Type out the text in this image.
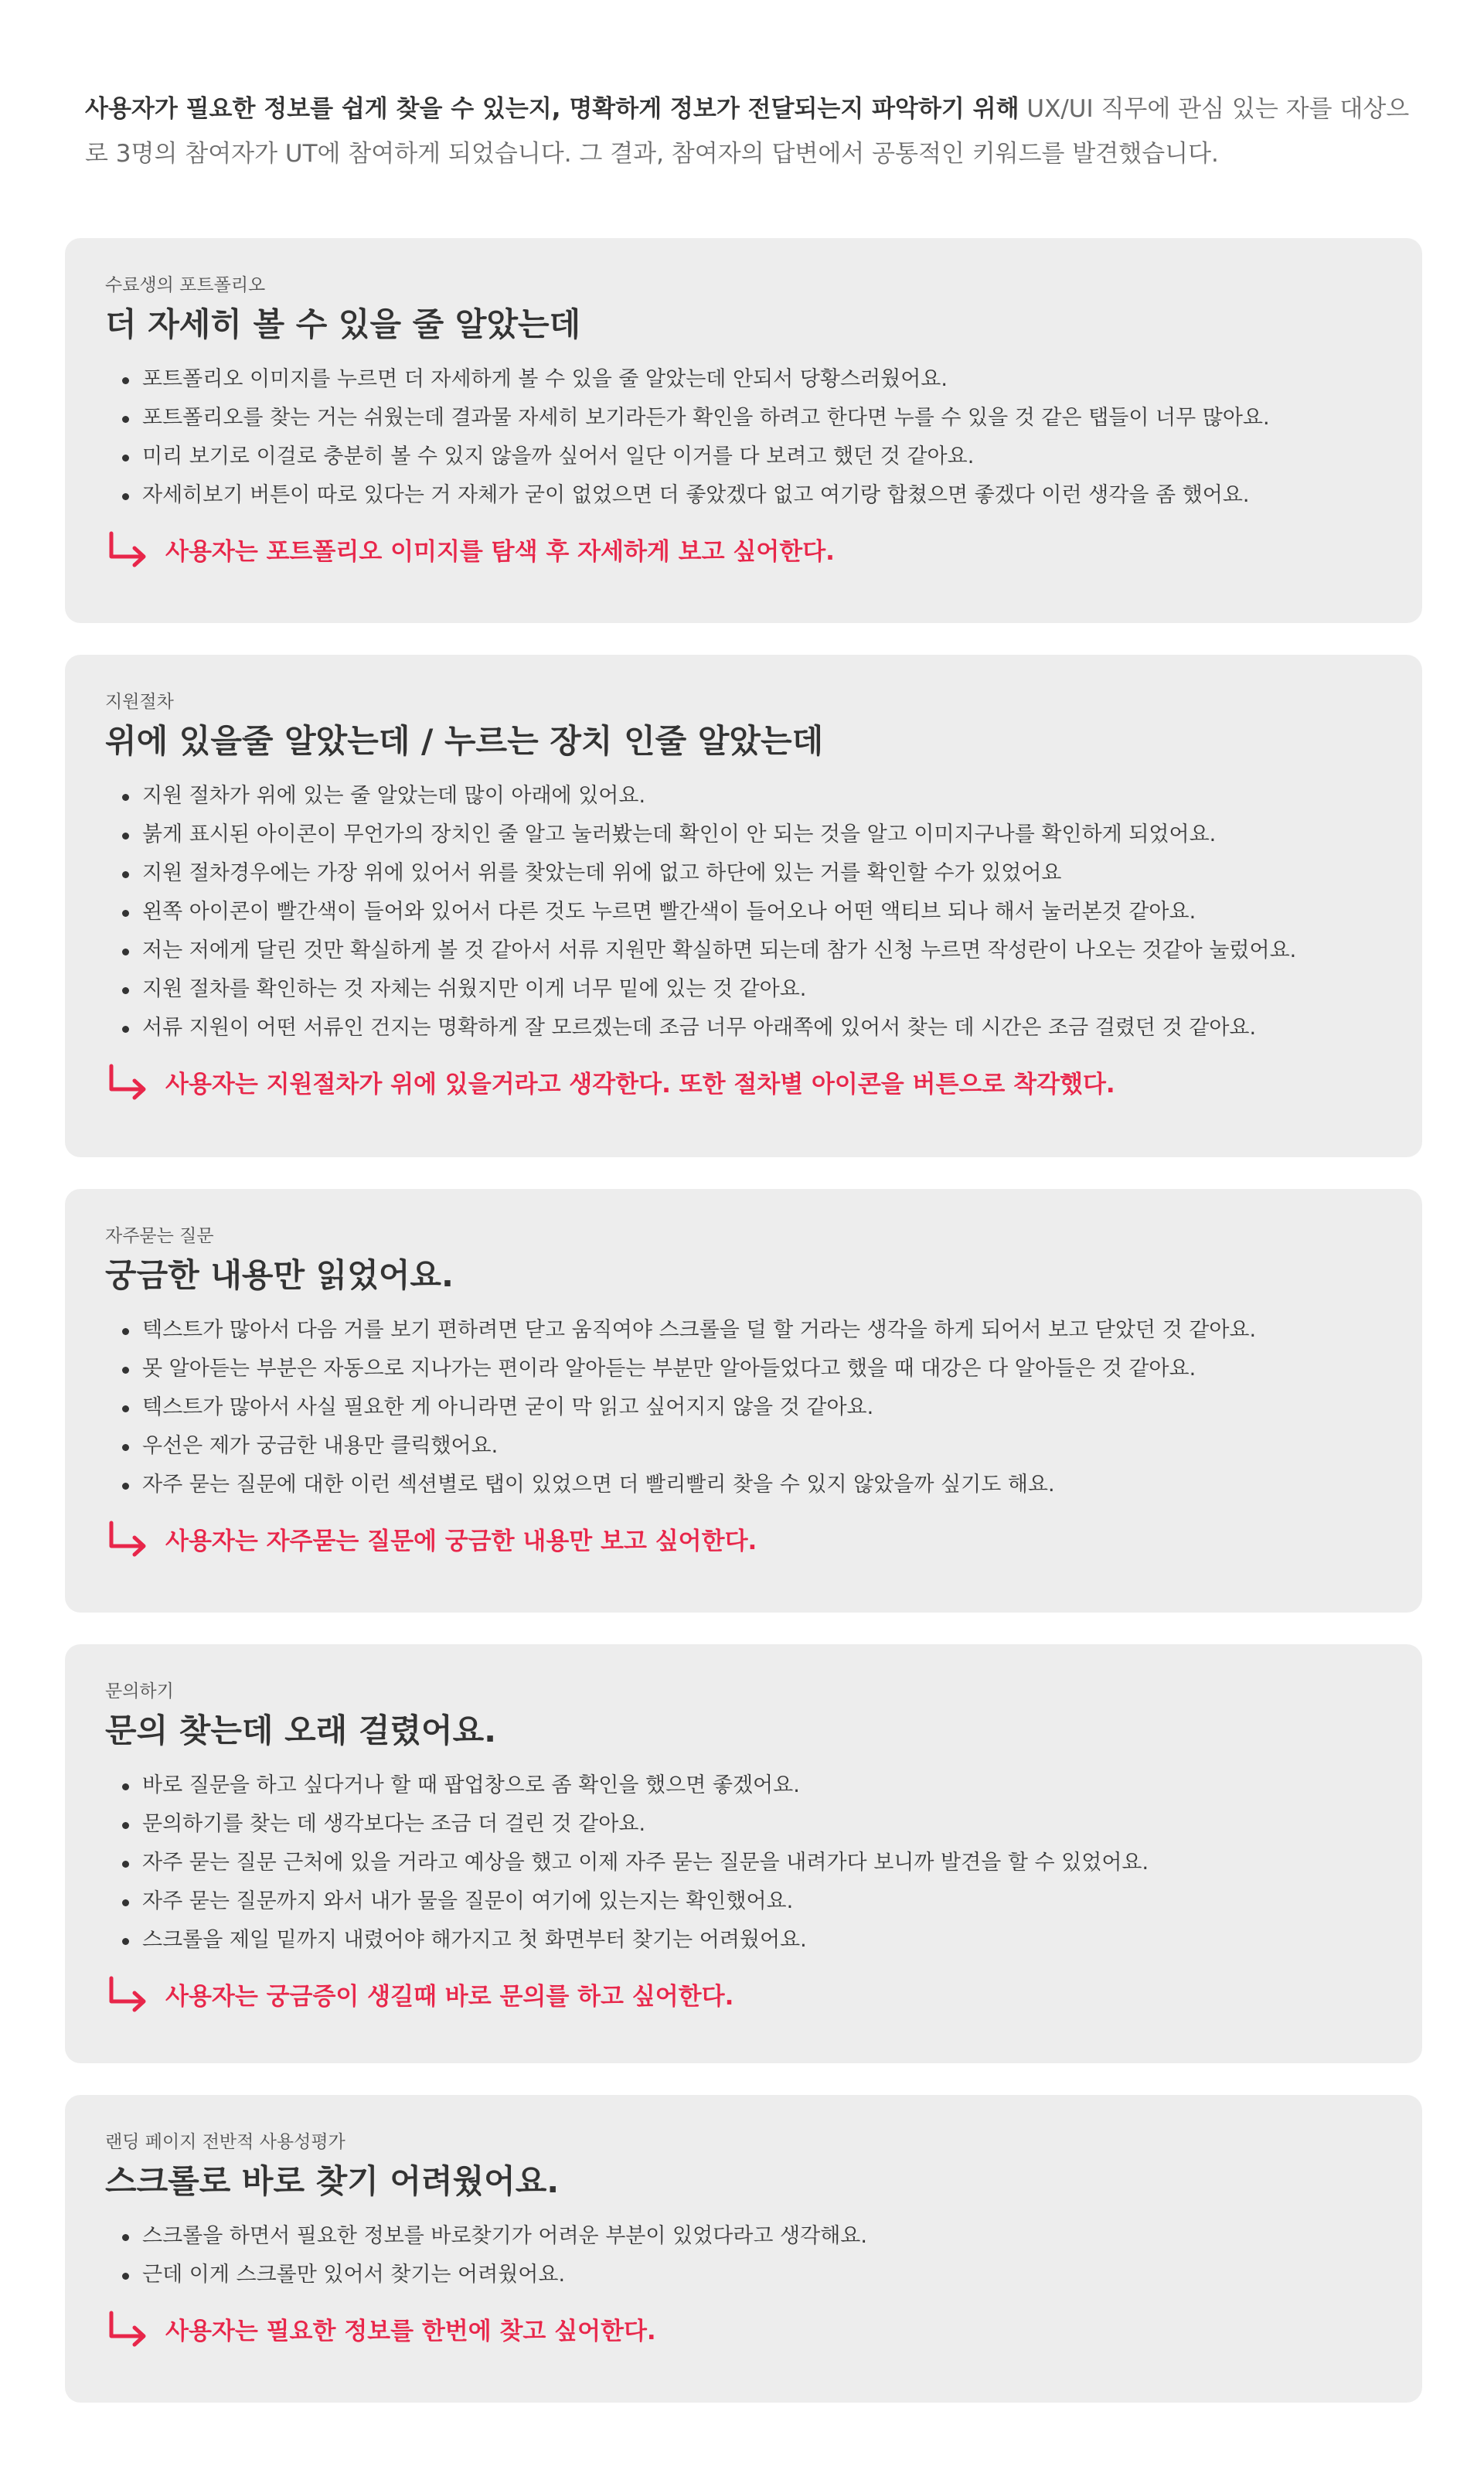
사용자가 필요한 정보를 쉽게 찾을 수 있는지, 명확하게 정보가 전달되는지 파악하기 위해 UX/UI 직무에 관심 있는 자를 대상으로 3명의 참여자가 UT에 참여하게 되었습니다. 그 결과, 참여자의 답변에서 공통적인 키워드를 발견했습니다.
수료생의 포트폴리오
더 자세히 볼 수 있을 줄 알았는데
포트폴리오 이미지를 누르면 더 자세하게 볼 수 있을 줄 알았는데 안되서 당황스러웠어요.
포트폴리오를 찾는 거는 쉬웠는데 결과물 자세히 보기라든가 확인을 하려고 한다면 누를 수 있을 것 같은 탭들이 너무 많아요.
미리 보기로 이걸로 충분히 볼 수 있지 않을까 싶어서 일단 이거를 다 보려고 했던 것 같아요.
자세히보기 버튼이 따로 있다는 거 자체가 굳이 없었으면 더 좋았겠다 없고 여기랑 합쳤으면 좋겠다 이런 생각을 좀 했어요.
사용자는 포트폴리오 이미지를 탐색 후 자세하게 보고 싶어한다.
지원절차
위에 있을줄 알았는데 / 누르는 장치 인줄 알았는데
지원 절차가 위에 있는 줄 알았는데 많이 아래에 있어요.
붉게 표시된 아이콘이 무언가의 장치인 줄 알고 눌러봤는데 확인이 안 되는 것을 알고 이미지구나를 확인하게 되었어요.
지원 절차경우에는 가장 위에 있어서 위를 찾았는데 위에 없고 하단에 있는 거를 확인할 수가 있었어요
왼쪽 아이콘이 빨간색이 들어와 있어서 다른 것도 누르면 빨간색이 들어오나 어떤 액티브 되나 해서 눌러본것 같아요.
저는 저에게 달린 것만 확실하게 볼 것 같아서 서류 지원만 확실하면 되는데 참가 신청 누르면 작성란이 나오는 것같아 눌렀어요.
지원 절차를 확인하는 것 자체는 쉬웠지만 이게 너무 밑에 있는 것 같아요.
서류 지원이 어떤 서류인 건지는 명확하게 잘 모르겠는데 조금 너무 아래쪽에 있어서 찾는 데 시간은 조금 걸렸던 것 같아요.
사용자는 지원절차가 위에 있을거라고 생각한다. 또한 절차별 아이콘을 버튼으로 착각했다.
자주묻는 질문
궁금한 내용만 읽었어요.
텍스트가 많아서 다음 거를 보기 편하려면 닫고 움직여야 스크롤을 덜 할 거라는 생각을 하게 되어서 보고 닫았던 것 같아요.
못 알아듣는 부분은 자동으로 지나가는 편이라 알아듣는 부분만 알아들었다고 했을 때 대강은 다 알아들은 것 같아요.
텍스트가 많아서 사실 필요한 게 아니라면 굳이 막 읽고 싶어지지 않을 것 같아요.
우선은 제가 궁금한 내용만 클릭했어요.
자주 묻는 질문에 대한 이런 섹션별로 탭이 있었으면 더 빨리빨리 찾을 수 있지 않았을까 싶기도 해요.
사용자는 자주묻는 질문에 궁금한 내용만 보고 싶어한다.
문의하기
문의 찾는데 오래 걸렸어요.
바로 질문을 하고 싶다거나 할 때 팝업창으로 좀 확인을 했으면 좋겠어요.
문의하기를 찾는 데 생각보다는 조금 더 걸린 것 같아요.
자주 묻는 질문 근처에 있을 거라고 예상을 했고 이제 자주 묻는 질문을 내려가다 보니까 발견을 할 수 있었어요.
자주 묻는 질문까지 와서 내가 물을 질문이 여기에 있는지는 확인했어요.
스크롤을 제일 밑까지 내렸어야 해가지고 첫 화면부터 찾기는 어려웠어요.
사용자는 궁금증이 생길때 바로 문의를 하고 싶어한다.
랜딩 페이지 전반적 사용성평가
스크롤로 바로 찾기 어려웠어요.
스크롤을 하면서 필요한 정보를 바로찾기가 어려운 부분이 있었다라고 생각해요.
근데 이게 스크롤만 있어서 찾기는 어려웠어요.
사용자는 필요한 정보를 한번에 찾고 싶어한다.
